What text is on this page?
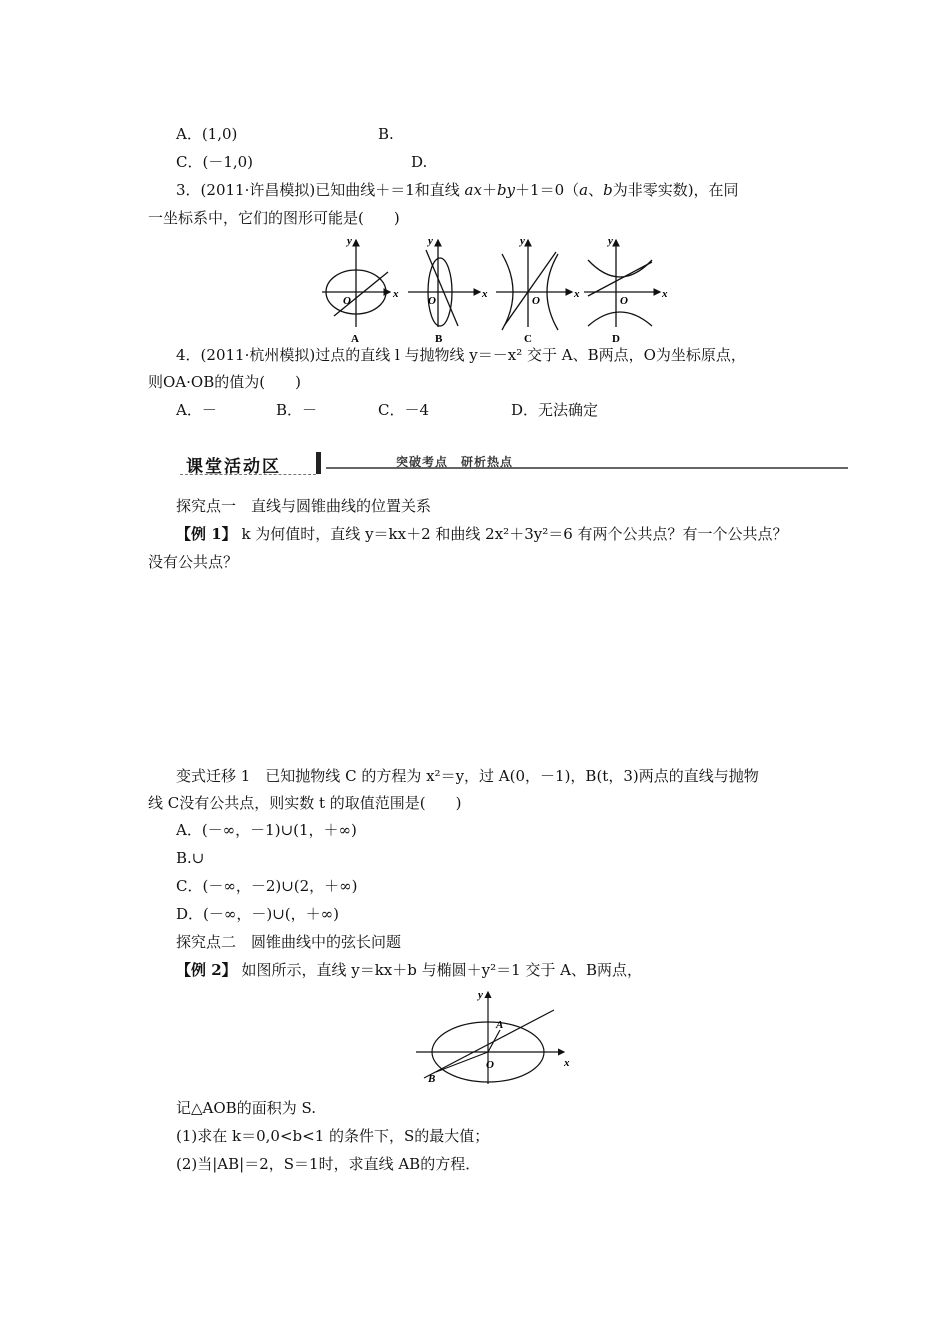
A．(1,0)	B.
C．(－1,0)	D.
3．(2011·许昌模拟)已知曲线＋＝1和直线 ax＋by＋1＝0（a、b为非零实数)，在同
一坐标系中，它们的图形可能是(　　)
y
x
O
A
y
x
O
B
y
x
O
C
y
x
O
D
4．(2011·杭州模拟)过点的直线 l 与抛物线 y＝－x² 交于 A、B两点，O为坐标原点，
则OA·OB的值为(　　)
A．－	B．－	C．－4	D．无法确定
课堂活动区	突破考点　研析热点
探究点一　直线与圆锥曲线的位置关系
【例 1】 k 为何值时，直线 y＝kx＋2 和曲线 2x²＋3y²＝6 有两个公共点？有一个公共点？
没有公共点？
变式迁移 1　已知抛物线 C 的方程为 x²＝y，过 A(0，－1)，B(t，3)两点的直线与抛物
线 C没有公共点，则实数 t 的取值范围是(　　)
A．(－∞，－1)∪(1，＋∞)
B.∪
C．(－∞，－2)∪(2，＋∞)
D．(－∞，－)∪(，＋∞)
探究点二　圆锥曲线中的弦长问题
【例 2】 如图所示，直线 y＝kx＋b 与椭圆＋y²＝1 交于 A、B两点，
y
x
O
A
B
记△AOB的面积为 S.
(1)求在 k＝0,0<b<1 的条件下，S的最大值；
(2)当|AB|＝2，S＝1时，求直线 AB的方程．
